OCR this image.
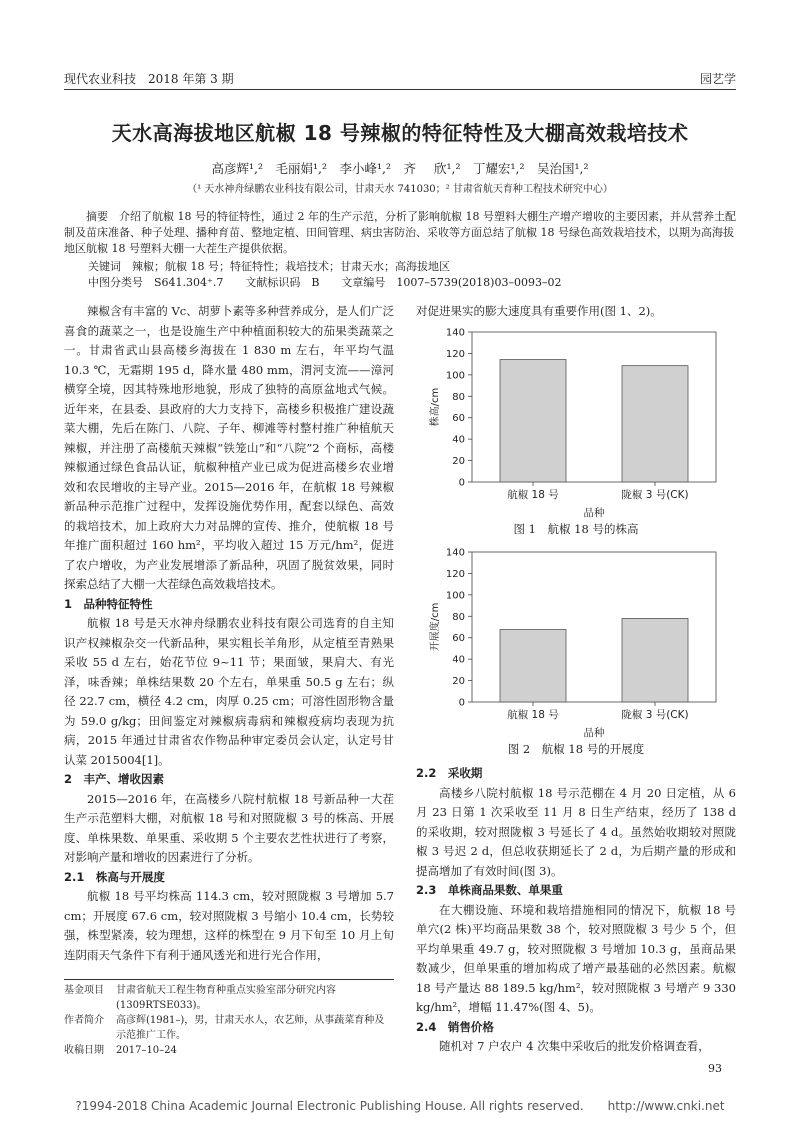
现代农业科技　2018 年第 3 期	园艺学
天水高海拔地区航椒 18 号辣椒的特征特性及大棚高效栽培技术
高彦辉¹,²　毛丽娟¹,²　李小峰¹,²　齐 欣¹,²　丁耀宏¹,²　吴治国¹,²
（¹ 天水神舟绿鹏农业科技有限公司，甘肃天水 741030；² 甘肃省航天育种工程技术研究中心）

摘要　介绍了航椒 18 号的特征特性，通过 2 年的生产示范，分析了影响航椒 18 号塑料大棚生产增产增收的主要因素，并从营养土配制及苗床准备、种子处理、播种育苗、整地定植、田间管理、病虫害防治、采收等方面总结了航椒 18 号绿色高效栽培技术，以期为高海拔地区航椒 18 号塑料大棚一大茬生产提供依据。

关键词　辣椒；航椒 18 号；特征特性；栽培技术；甘肃天水；高海拔地区
中图分类号　S641.304⁺.7　　文献标识码　B　　文章编号　1007–5739(2018)03–0093–02

辣椒含有丰富的 Vc、胡萝卜素等多种营养成分，是人们广泛喜食的蔬菜之一，也是设施生产中种植面积较大的茄果类蔬菜之一。甘肃省武山县高楼乡海拔在 1 830 m 左右，年平均气温 10.3 ℃，无霜期 195 d，降水量 480 mm，渭河支流——漳河横穿全境，因其特殊地形地貌，形成了独特的高原盆地式气候。近年来，在县委、县政府的大力支持下，高楼乡积极推广建设蔬菜大棚，先后在陈门、八院、子年、柳滩等村整村推广种植航天辣椒，并注册了高楼航天辣椒“铁笼山”和“八院”2 个商标，高楼辣椒通过绿色食品认证，航椒种植产业已成为促进高楼乡农业增效和农民增收的主导产业。2015—2016 年，在航椒 18 号辣椒新品种示范推广过程中，发挥设施优势作用，配套以绿色、高效的栽培技术，加上政府大力对品牌的宣传、推介，使航椒 18 号年推广面积超过 160 hm²，平均收入超过 15 万元/hm²，促进了农户增收，为产业发展增添了新品种，巩固了脱贫效果，同时探索总结了大棚一大茬绿色高效栽培技术。

1　品种特征特性

航椒 18 号是天水神舟绿鹏农业科技有限公司选育的自主知识产权辣椒杂交一代新品种，果实粗长羊角形，从定植至青熟果采收 55 d 左右，始花节位 9~11 节；果面皱，果肩大、有光泽，味香辣；单株结果数 20 个左右，单果重 50.5 g 左右；纵径 22.7 cm，横径 4.2 cm，肉厚 0.25 cm；可溶性固形物含量为 59.0 g/kg；田间鉴定对辣椒病毒病和辣椒疫病均表现为抗病，2015 年通过甘肃省农作物品种审定委员会认定，认定号甘认菜 2015004[1]。

2　丰产、增收因素

2015—2016 年，在高楼乡八院村航椒 18 号新品种一大茬生产示范塑料大棚，对航椒 18 号和对照陇椒 3 号的株高、开展度、单株果数、单果重、采收期 5 个主要农艺性状进行了考察，对影响产量和增收的因素进行了分析。

2.1　株高与开展度

航椒 18 号平均株高 114.3 cm，较对照陇椒 3 号增加 5.7 cm；开展度 67.6 cm，较对照陇椒 3 号缩小 10.4 cm，长势较强，株型紧凑，较为理想，这样的株型在 9 月下旬至 10 月上旬连阴雨天气条件下有利于通风透光和进行光合作用，

基金项目	甘肃省航天工程生物育种重点实验室部分研究内容(1309RTSE033)。
作者简介	高彦辉(1981–)，男，甘肃天水人，农艺师，从事蔬菜育种及示范推广工作。
收稿日期	2017–10–24
对促进果实的膨大速度具有重要作用(图 1、2)。
0
20
40
60
80
100
120
140
航椒 18 号	陇椒 3 号(CK)
品种
株高/cm
图 1　航椒 18 号的株高
0
20
40
60
80
100
120
140
航椒 18 号	陇椒 3 号(CK)
品种
开展度/cm
图 2　航椒 18 号的开展度
2.2　采收期

高楼乡八院村航椒 18 号示范棚在 4 月 20 日定植，从 6 月 23 日第 1 次采收至 11 月 8 日生产结束，经历了 138 d 的采收期，较对照陇椒 3 号延长了 4 d。虽然始收期较对照陇椒 3 号迟 2 d，但总收获期延长了 2 d，为后期产量的形成和提高增加了有效时间(图 3)。

2.3　单株商品果数、单果重

在大棚设施、环境和栽培措施相同的情况下，航椒 18 号单穴(2 株)平均商品果数 38 个，较对照陇椒 3 号少 5 个，但平均单果重 49.7 g，较对照陇椒 3 号增加 10.3 g，虽商品果数减少，但单果重的增加构成了增产最基础的必然因素。航椒 18 号产量达 88 189.5 kg/hm²，较对照陇椒 3 号增产 9 330 kg/hm²，增幅 11.47%(图 4、5)。

2.4　销售价格

随机对 7 户农户 4 次集中采收后的批发价格调查看，

93
?1994-2018 China Academic Journal Electronic Publishing House. All rights reserved.　　http://www.cnki.net
